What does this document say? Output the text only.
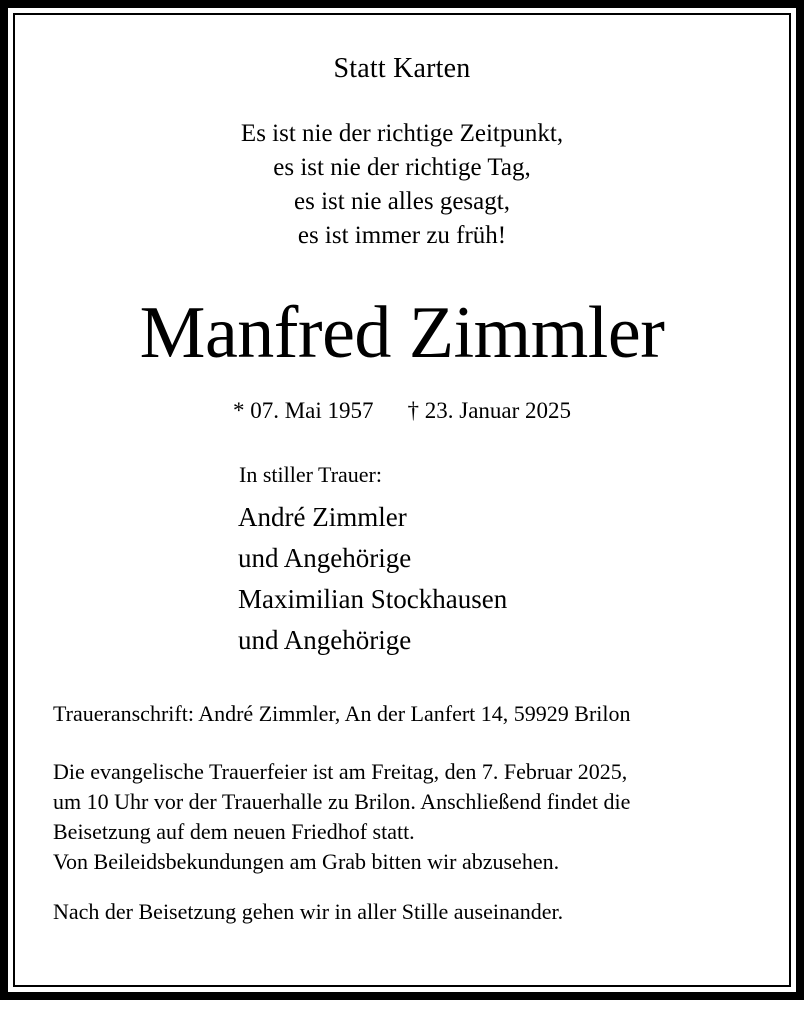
Statt Karten
Es ist nie der richtige Zeitpunkt,
es ist nie der richtige Tag,
es ist nie alles gesagt,
es ist immer zu früh!
Manfred Zimmler
* 07. Mai 1957 † 23. Januar 2025
In stiller Trauer:
André Zimmler
und Angehörige
Maximilian Stockhausen
und Angehörige
Traueranschrift: André Zimmler, An der Lanfert 14, 59929 Brilon
Die evangelische Trauerfeier ist am Freitag, den 7. Februar 2025,
um 10 Uhr vor der Trauerhalle zu Brilon. Anschließend findet die
Beisetzung auf dem neuen Friedhof statt.
Von Beileidsbekundungen am Grab bitten wir abzusehen.
Nach der Beisetzung gehen wir in aller Stille auseinander.
